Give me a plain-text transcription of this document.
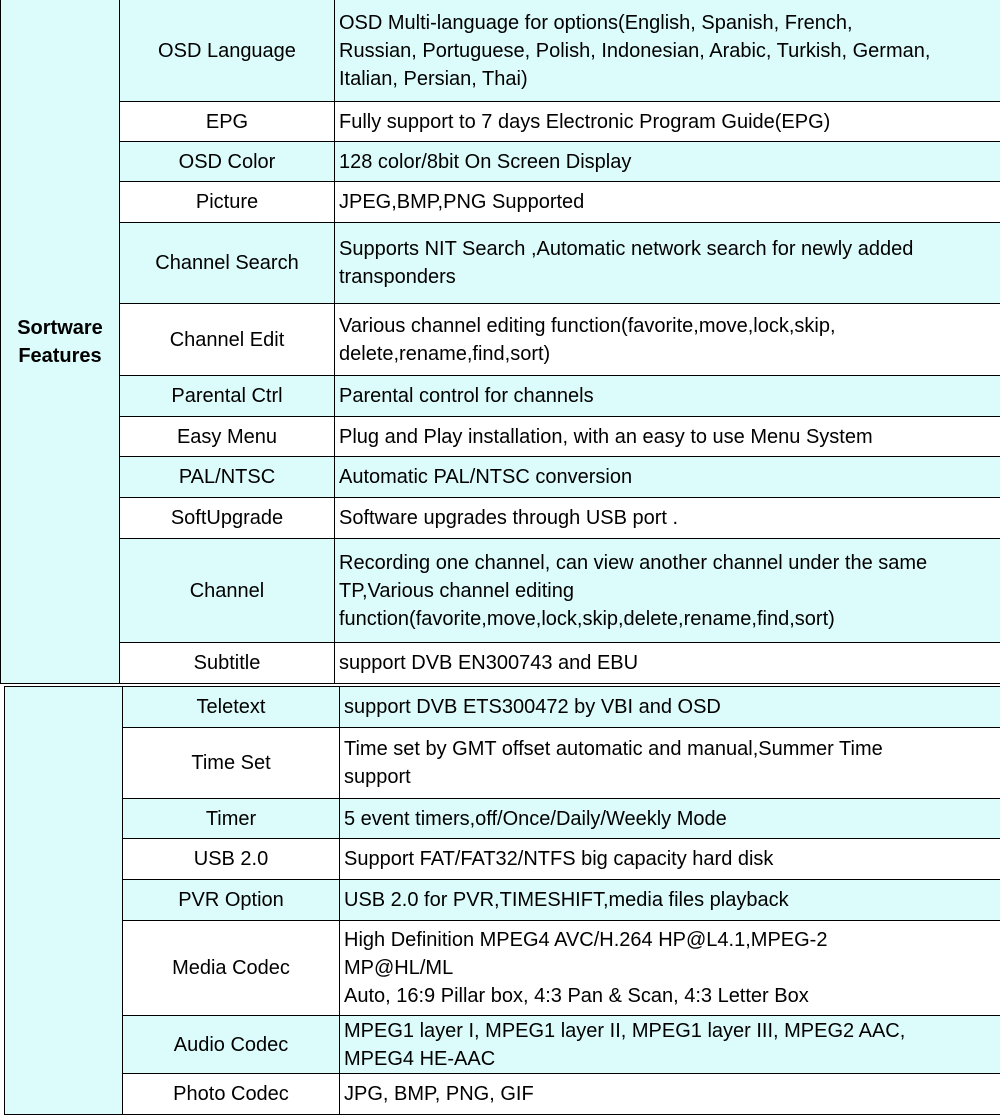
Sortware
Features	OSD Language	OSD Multi-language for options(English, Spanish, French,
Russian, Portuguese, Polish, Indonesian, Arabic, Turkish, German,
Italian, Persian, Thai)
	EPG	Fully support to 7 days Electronic Program Guide(EPG)
	OSD Color	128 color/8bit On Screen Display
	Picture	JPEG,BMP,PNG Supported
	Channel Search	Supports NIT Search ,Automatic network search for newly added
transponders
	Channel Edit	Various channel editing function(favorite,move,lock,skip,
delete,rename,find,sort)
	Parental Ctrl	Parental control for channels
	Easy Menu	Plug and Play installation, with an easy to use Menu System
	PAL/NTSC	Automatic PAL/NTSC conversion
	SoftUpgrade	Software upgrades through USB port .
	Channel	Recording one channel, can view another channel under the same
TP,Various channel editing
function(favorite,move,lock,skip,delete,rename,find,sort)
	Subtitle	support DVB EN300743 and EBU
	Teletext	support DVB ETS300472 by VBI and OSD
	Time Set	Time set by GMT offset automatic and manual,Summer Time
support
	Timer	5 event timers,off/Once/Daily/Weekly Mode
	USB 2.0	Support FAT/FAT32/NTFS big capacity hard disk
	PVR Option	USB 2.0 for PVR,TIMESHIFT,media files playback
	Media Codec	High Definition MPEG4 AVC/H.264 HP@L4.1,MPEG-2
MP@HL/ML
Auto, 16:9 Pillar box, 4:3 Pan & Scan, 4:3 Letter Box
	Audio Codec	MPEG1 layer I, MPEG1 layer II, MPEG1 layer III, MPEG2 AAC,
MPEG4 HE-AAC
	Photo Codec	JPG, BMP, PNG, GIF
